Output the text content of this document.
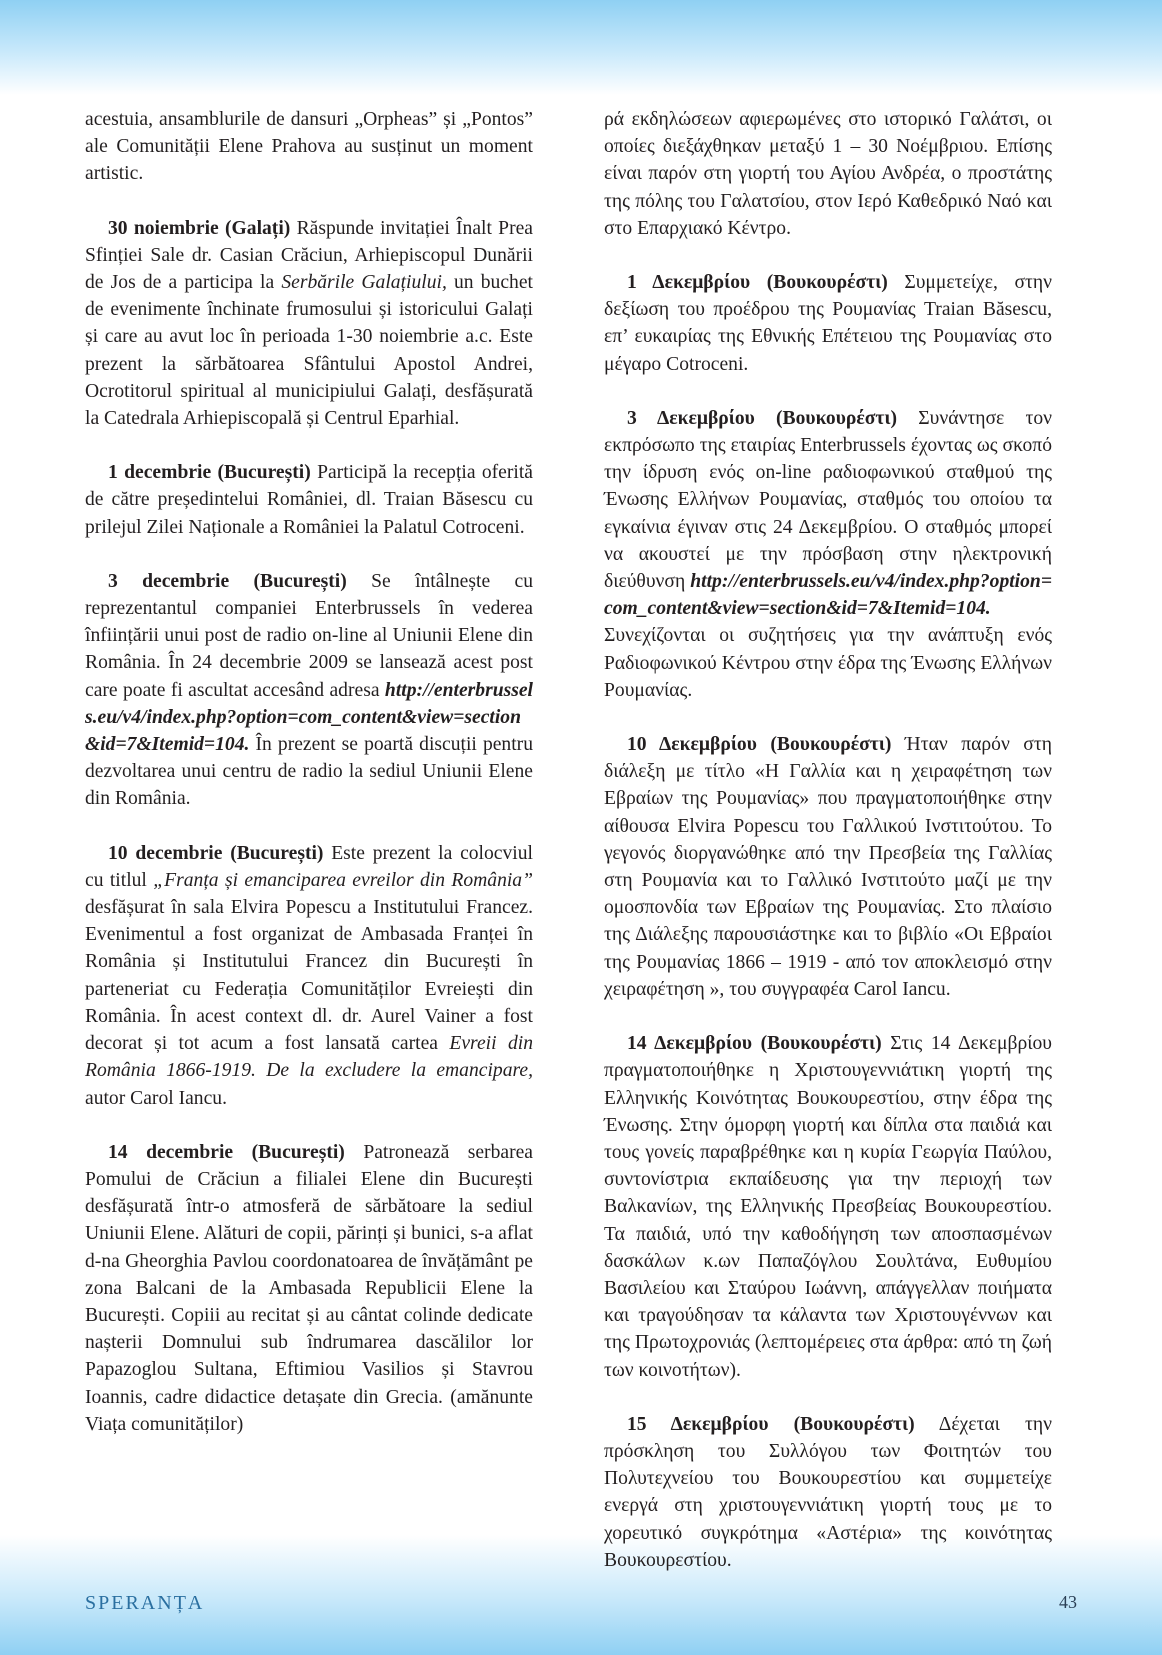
acestuia, ansamblurile de dansuri „Orpheas” și „Pontos” ale Comunității Elene Prahova au susținut un moment artistic.

30 noiembrie (Galați) Răspunde invitației Înalt Prea Sfinției Sale dr. Casian Crăciun, Arhiepiscopul Dunării de Jos de a participa la Serbările Galațiului, un buchet de evenimente închinate frumosului și istoricului Galați și care au avut loc în perioada 1-30 noiembrie a.c. Este prezent la sărbătoarea Sfântului Apostol Andrei, Ocrotitorul spiritual al municipiului Galați, desfășurată la Catedrala Arhiepiscopală și Centrul Eparhial.

1 decembrie (București) Participă la recepția oferită de către președintelui României, dl. Traian Băsescu cu prilejul Zilei Naționale a României la Palatul Cotroceni.

3 decembrie (București) Se întâlnește cu reprezentantul companiei Enterbrussels în vederea înființării unui post de radio on-line al Uniunii Elene din România. În 24 decembrie 2009 se lansează acest post care poate fi ascultat accesând adresa http://enterbrussels.eu/v4/index.php?option=com_content&view=section&id=7&Itemid=104. În prezent se poartă discuții pentru dezvoltarea unui centru de radio la sediul Uniunii Elene din România.

10 decembrie (București) Este prezent la colocviul cu titlul „Franța și emanciparea evreilor din România” desfășurat în sala Elvira Popescu a Institutului Francez. Evenimentul a fost organizat de Ambasada Franței în România și Institutului Francez din București în parteneriat cu Federația Comunităților Evreiești din România. În acest context dl. dr. Aurel Vainer a fost decorat și tot acum a fost lansată cartea Evreii din România 1866-1919. De la excludere la emancipare, autor Carol Iancu.

14 decembrie (București) Patronează serbarea Pomului de Crăciun a filialei Elene din București desfășurată într-o atmosferă de sărbătoare la sediul Uniunii Elene. Alături de copii, părinți și bunici, s-a aflat d-na Gheorghia Pavlou coordonatoarea de învățământ pe zona Balcani de la Ambasada Republicii Elene la București. Copiii au recitat și au cântat colinde dedicate nașterii Domnului sub îndrumarea dascălilor lor Papazoglou Sultana, Eftimiou Vasilios și Stavrou Ioannis, cadre didactice detașate din Grecia. (amănunte Viața comunităților)

ρά εκδηλώσεων αφιερωμένες στο ιστορικό Γαλάτσι, οι οποίες διεξάχθηκαν μεταξύ 1 – 30 Νοέμβριου. Επίσης είναι παρόν στη γιορτή του Αγίου Ανδρέα, ο προστάτης της πόλης του Γαλατσίου, στον Ιερό Καθεδρικό Ναό και στο Επαρχιακό Κέντρο.

1 Δεκεμβρίου (Βουκουρέστι) Συμμετείχε, στην δεξίωση του προέδρου της Ρουμανίας Traian Băsescu, επ’ ευκαιρίας της Εθνικής Επέτειου της Ρουμανίας στο μέγαρο Cotroceni.

3 Δεκεμβρίου (Βουκουρέστι) Συνάντησε τον εκπρόσωπο της εταιρίας Enterbrussels έχοντας ως σκοπό την ίδρυση ενός on-line ραδιοφωνικού σταθμού της Ένωσης Ελλήνων Ρουμανίας, σταθμός του οποίου τα εγκαίνια έγιναν στις 24 Δεκεμβρίου. Ο σταθμός μπορεί να ακουστεί με την πρόσβαση στην ηλεκτρονική διεύθυνση http://enterbrussels.eu/v4/index.php?option=com_content&view=section&id=7&Itemid=104. Συνεχίζονται οι συζητήσεις για την ανάπτυξη ενός Ραδιοφωνικού Κέντρου στην έδρα της Ένωσης Ελλήνων Ρουμανίας.

10 Δεκεμβρίου (Βουκουρέστι) Ήταν παρόν στη διάλεξη με τίτλο «Η Γαλλία και η χειραφέτηση των Εβραίων της Ρουμανίας» που πραγματοποιήθηκε στην αίθουσα Elvira Popescu του Γαλλικού Ινστιτούτου. Το γεγονός διοργανώθηκε από την Πρεσβεία της Γαλλίας στη Ρουμανία και το Γαλλικό Ινστιτούτο μαζί με την ομοσπονδία των Εβραίων της Ρουμανίας. Στο πλαίσιο της Διάλεξης παρουσιάστηκε και το βιβλίο «Οι Εβραίοι της Ρουμανίας 1866 – 1919 - από τον αποκλεισμό στην χειραφέτηση », του συγγραφέα Carol Iancu.

14 Δεκεμβρίου (Βουκουρέστι) Στις 14 Δεκεμβρίου πραγματοποιήθηκε η Χριστουγεννιάτικη γιορτή της Ελληνικής Κοινότητας Βουκουρεστίου, στην έδρα της Ένωσης. Στην όμορφη γιορτή και δίπλα στα παιδιά και τους γονείς παραβρέθηκε και η κυρία Γεωργία Παύλου, συντονίστρια εκπαίδευσης για την περιοχή των Βαλκανίων, της Ελληνικής Πρεσβείας Βουκουρεστίου. Τα παιδιά, υπό την καθοδήγηση των αποσπασμένων δασκάλων κ.ων Παπαζόγλου Σουλτάνα, Ευθυμίου Βασιλείου και Σταύρου Ιωάννη, απάγγελλαν ποιήματα και τραγούδησαν τα κάλαντα των Χριστουγέννων και της Πρωτοχρονιάς (λεπτομέρειες στα άρθρα: από τη ζωή των κοινοτήτων).

15 Δεκεμβρίου (Βουκουρέστι) Δέχεται την πρόσκληση του Συλλόγου των Φοιτητών του Πολυτεχνείου του Βουκουρεστίου και συμμετείχε ενεργά στη χριστουγεννιάτικη γιορτή τους με το χορευτικό συγκρότημα «Αστέρια» της κοινότητας Βουκουρεστίου.

SPERANȚA	43
